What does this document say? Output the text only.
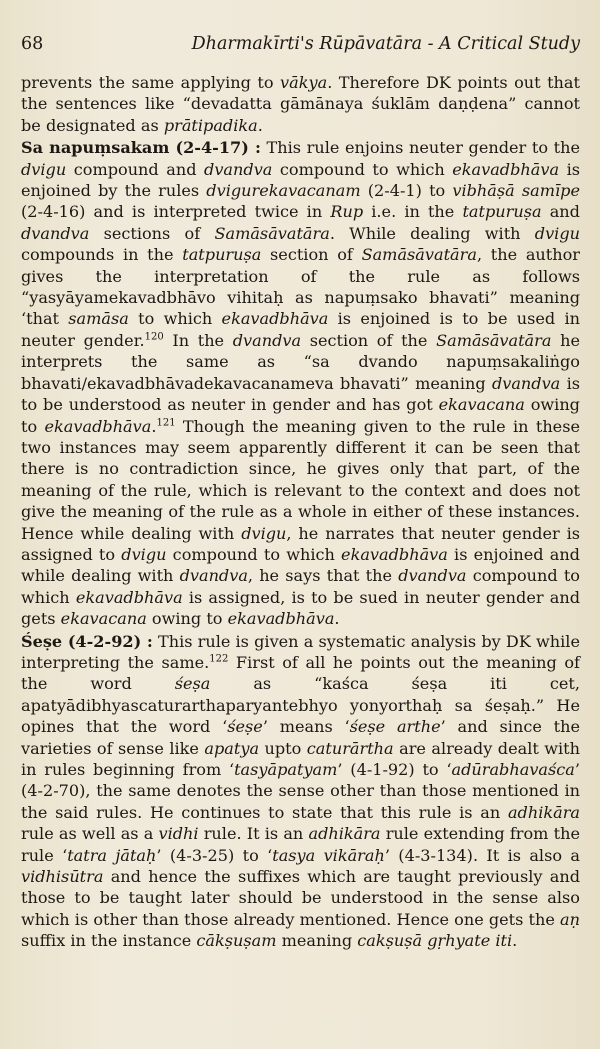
68	Dharmakīrti's Rūpāvatāra - A Critical Study

prevents the same applying to vākya. Therefore DK points out that the sentences like “devadatta gāmānaya śuklām daṇḍena” cannot be designated as prātipadika.

Sa napuṃsakam (2-4-17) : This rule enjoins neuter gender to the dvigu compound and dvandva compound to which ekavadbhāva is enjoined by the rules dvigurekavacanam (2-4-1) to vibhāṣā samīpe (2-4-16) and is interpreted twice in Rup i.e. in the tatpuruṣa and dvandva sections of Samāsāvatāra. While dealing with dvigu compounds in the tatpuruṣa section of Samāsāvatāra, the author gives the interpretation of the rule as follows “yasyāyamekavadbhāvo vihitaḥ as napuṃsako bhavati” meaning ‘that samāsa to which ekavadbhāva is enjoined is to be used in neuter gender.$^{120}$ In the dvandva section of the Samāsāvatāra he interprets the same as “sa dvando napuṃsakaliṅgo bhavati/ekavadbhāvadekavacanameva bhavati” meaning dvandva is to be understood as neuter in gender and has got ekavacana owing to ekavadbhāva.$^{121}$ Though the meaning given to the rule in these two instances may seem apparently different it can be seen that there is no contradiction since, he gives only that part, of the meaning of the rule, which is relevant to the context and does not give the meaning of the rule as a whole in either of these instances. Hence while dealing with dvigu, he narrates that neuter gender is assigned to dvigu compound to which ekavadbhāva is enjoined and while dealing with dvandva, he says that the dvandva compound to which ekavadbhāva is assigned, is to be sued in neuter gender and gets ekavacana owing to ekavadbhāva.

Śeṣe (4-2-92) : This rule is given a systematic analysis by DK while interpreting the same.$^{122}$ First of all he points out the meaning of the word śeṣa as “kaśca śeṣa iti cet, apatyādibhyascaturarthaparyantebhyo yonyorthaḥ sa śeṣaḥ.” He opines that the word ‘śeṣe’ means ‘śeṣe arthe’ and since the varieties of sense like apatya upto caturārtha are already dealt with in rules beginning from ‘tasyāpatyam’ (4-1-92) to ‘adūrabhavaśca’ (4-2-70), the same denotes the sense other than those mentioned in the said rules. He continues to state that this rule is an adhikāra rule as well as a vidhi rule. It is an adhikāra rule extending from the rule ‘tatra jātaḥ’ (4-3-25) to ‘tasya vikāraḥ’ (4-3-134). It is also a vidhisūtra and hence the suffixes which are taught previously and those to be taught later should be understood in the sense also which is other than those already mentioned. Hence one gets the aṇ suffix in the instance cākṣuṣam meaning cakṣuṣā gṛhyate iti.
